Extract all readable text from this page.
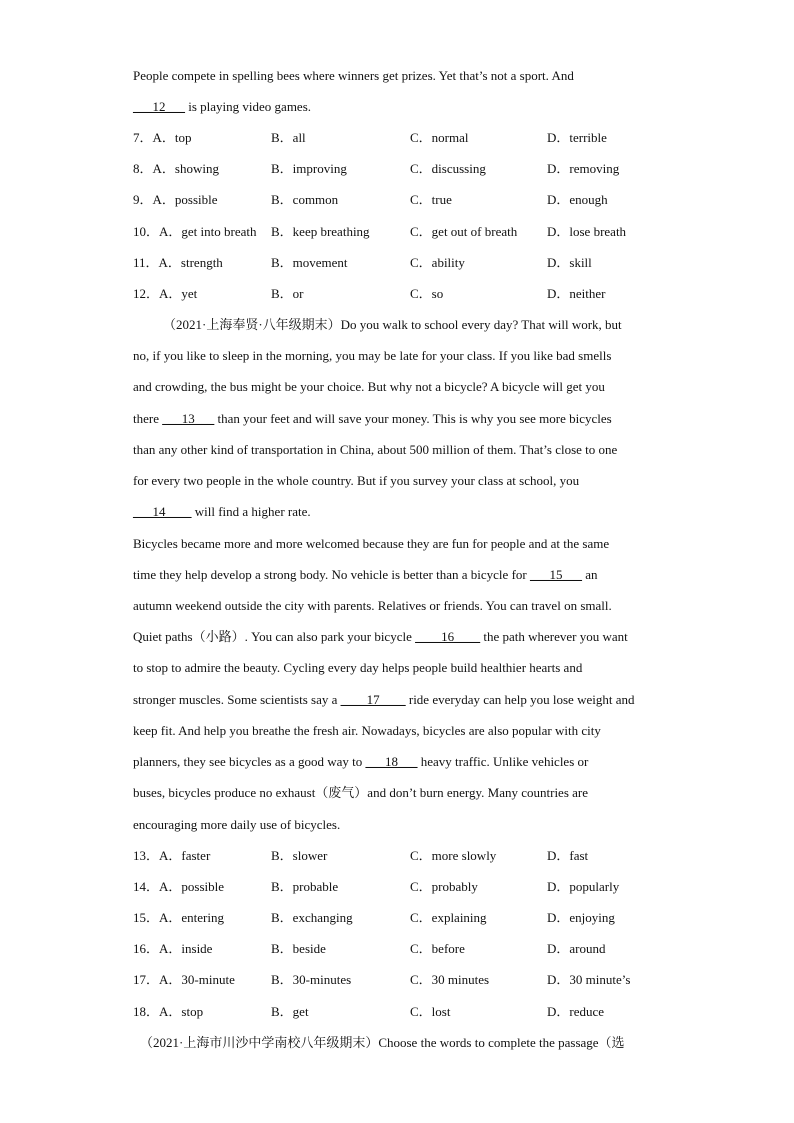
People compete in spelling bees where winners get prizes. Yet that’s not a sport. And
___12___ is playing video games.
7．A．top	B．all	C．normal	D．terrible
8．A．showing	B．improving	C．discussing	D．removing
9．A．possible	B．common	C．true	D．enough
10．A．get into breath B．keep breathing	C．get out of breath D．lose breath
11．A．strength	B．movement	C．ability	D．skill
12．A．yet	B．or	C．so	D．neither
（2021·上海奉贤·八年级期末）Do you walk to school every day? That will work, but
no, if you like to sleep in the morning, you may be late for your class. If you like bad smells
and crowding, the bus might be your choice. But why not a bicycle? A bicycle will get you
there ___13___ than your feet and will save your money. This is why you see more bicycles
than any other kind of transportation in China, about 500 million of them. That’s close to one
for every two people in the whole country. But if you survey your class at school, you
___14____ will find a higher rate.
Bicycles became more and more welcomed because they are fun for people and at the same
time they help develop a strong body. No vehicle is better than a bicycle for ___15___ an
autumn weekend outside the city with parents. Relatives or friends. You can travel on small.
Quiet paths（小路）. You can also park your bicycle ____16____ the path wherever you want
to stop to admire the beauty. Cycling every day helps people build healthier hearts and
stronger muscles. Some scientists say a ____17____ ride everyday can help you lose weight and
keep fit. And help you breathe the fresh air. Nowadays, bicycles are also popular with city
planners, they see bicycles as a good way to ___18___ heavy traffic. Unlike vehicles or
buses, bicycles produce no exhaust（废气）and don’t burn energy. Many countries are
encouraging more daily use of bicycles.
13．A．faster	B．slower	C．more slowly	D．fast
14．A．possible	B．probable	C．probably	D．popularly
15．A．entering	B．exchanging	C．explaining	D．enjoying
16．A．inside	B．beside	C．before	D．around
17．A．30-minute	B．30-minutes	C．30 minutes	D．30 minute’s
18．A．stop	B．get	C．lost	D．reduce
（2021·上海市川沙中学南校八年级期末）Choose the words to complete the passage（选
